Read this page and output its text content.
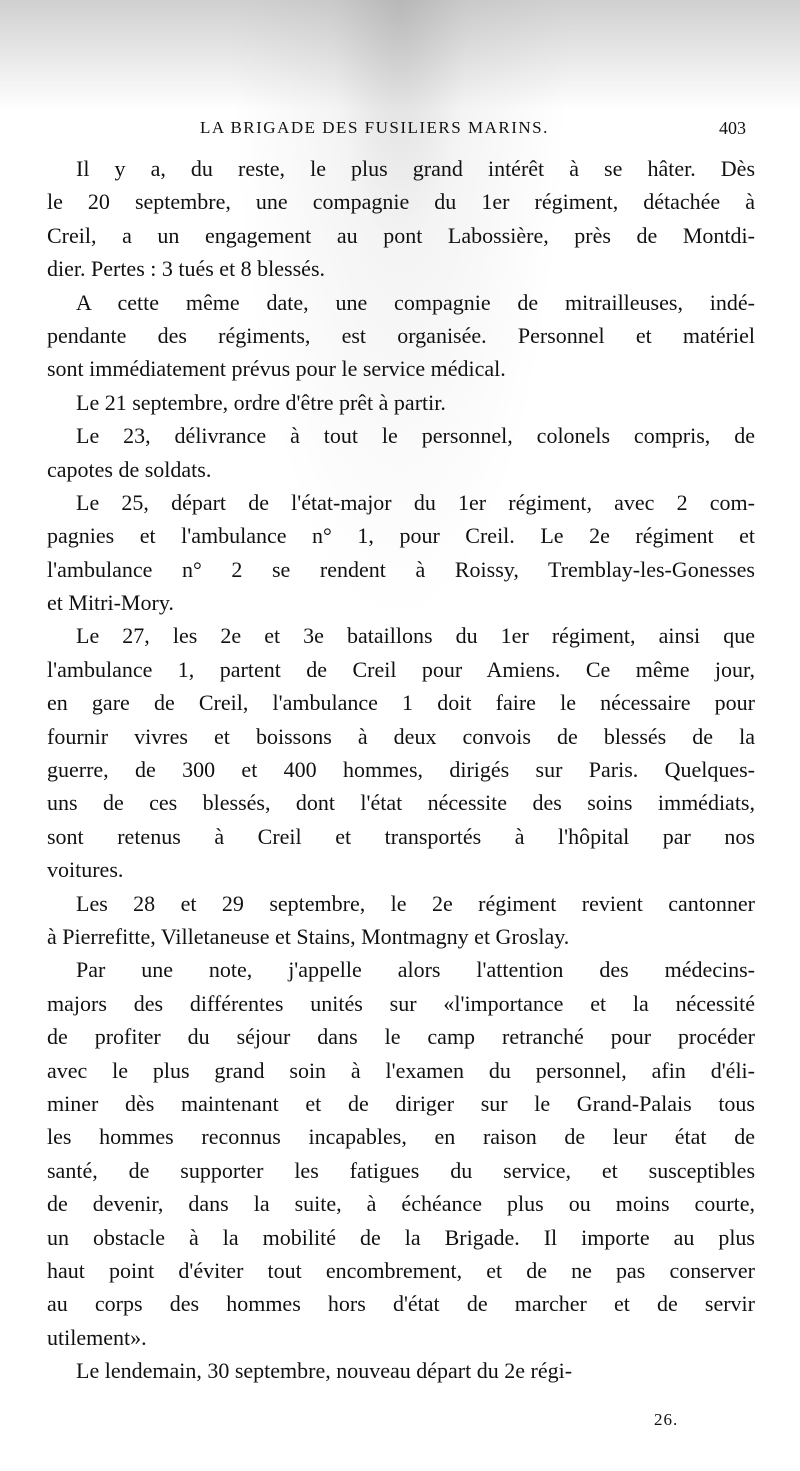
LA BRIGADE DES FUSILIERS MARINS.	403
Il y a, du reste, le plus grand intérêt à se hâter. Dès
le 20 septembre, une compagnie du 1er régiment, détachée à
Creil, a un engagement au pont Labossière, près de Montdi-
dier. Pertes : 3 tués et 8 blessés.
A cette même date, une compagnie de mitrailleuses, indé-
pendante des régiments, est organisée. Personnel et matériel
sont immédiatement prévus pour le service médical.
Le 21 septembre, ordre d'être prêt à partir.
Le 23, délivrance à tout le personnel, colonels compris, de
capotes de soldats.
Le 25, départ de l'état-major du 1er régiment, avec 2 com-
pagnies et l'ambulance n° 1, pour Creil. Le 2e régiment et
l'ambulance n° 2 se rendent à Roissy, Tremblay-les-Gonesses
et Mitri-Mory.
Le 27, les 2e et 3e bataillons du 1er régiment, ainsi que
l'ambulance 1, partent de Creil pour Amiens. Ce même jour,
en gare de Creil, l'ambulance 1 doit faire le nécessaire pour
fournir vivres et boissons à deux convois de blessés de la
guerre, de 300 et 400 hommes, dirigés sur Paris. Quelques-
uns de ces blessés, dont l'état nécessite des soins immédiats,
sont retenus à Creil et transportés à l'hôpital par nos
voitures.
Les 28 et 29 septembre, le 2e régiment revient cantonner
à Pierrefitte, Villetaneuse et Stains, Montmagny et Groslay.
Par une note, j'appelle alors l'attention des médecins-
majors des différentes unités sur «l'importance et la nécessité
de profiter du séjour dans le camp retranché pour procéder
avec le plus grand soin à l'examen du personnel, afin d'éli-
miner dès maintenant et de diriger sur le Grand-Palais tous
les hommes reconnus incapables, en raison de leur état de
santé, de supporter les fatigues du service, et susceptibles
de devenir, dans la suite, à échéance plus ou moins courte,
un obstacle à la mobilité de la Brigade. Il importe au plus
haut point d'éviter tout encombrement, et de ne pas conserver
au corps des hommes hors d'état de marcher et de servir
utilement».
Le lendemain, 30 septembre, nouveau départ du 2e régi-
26.
